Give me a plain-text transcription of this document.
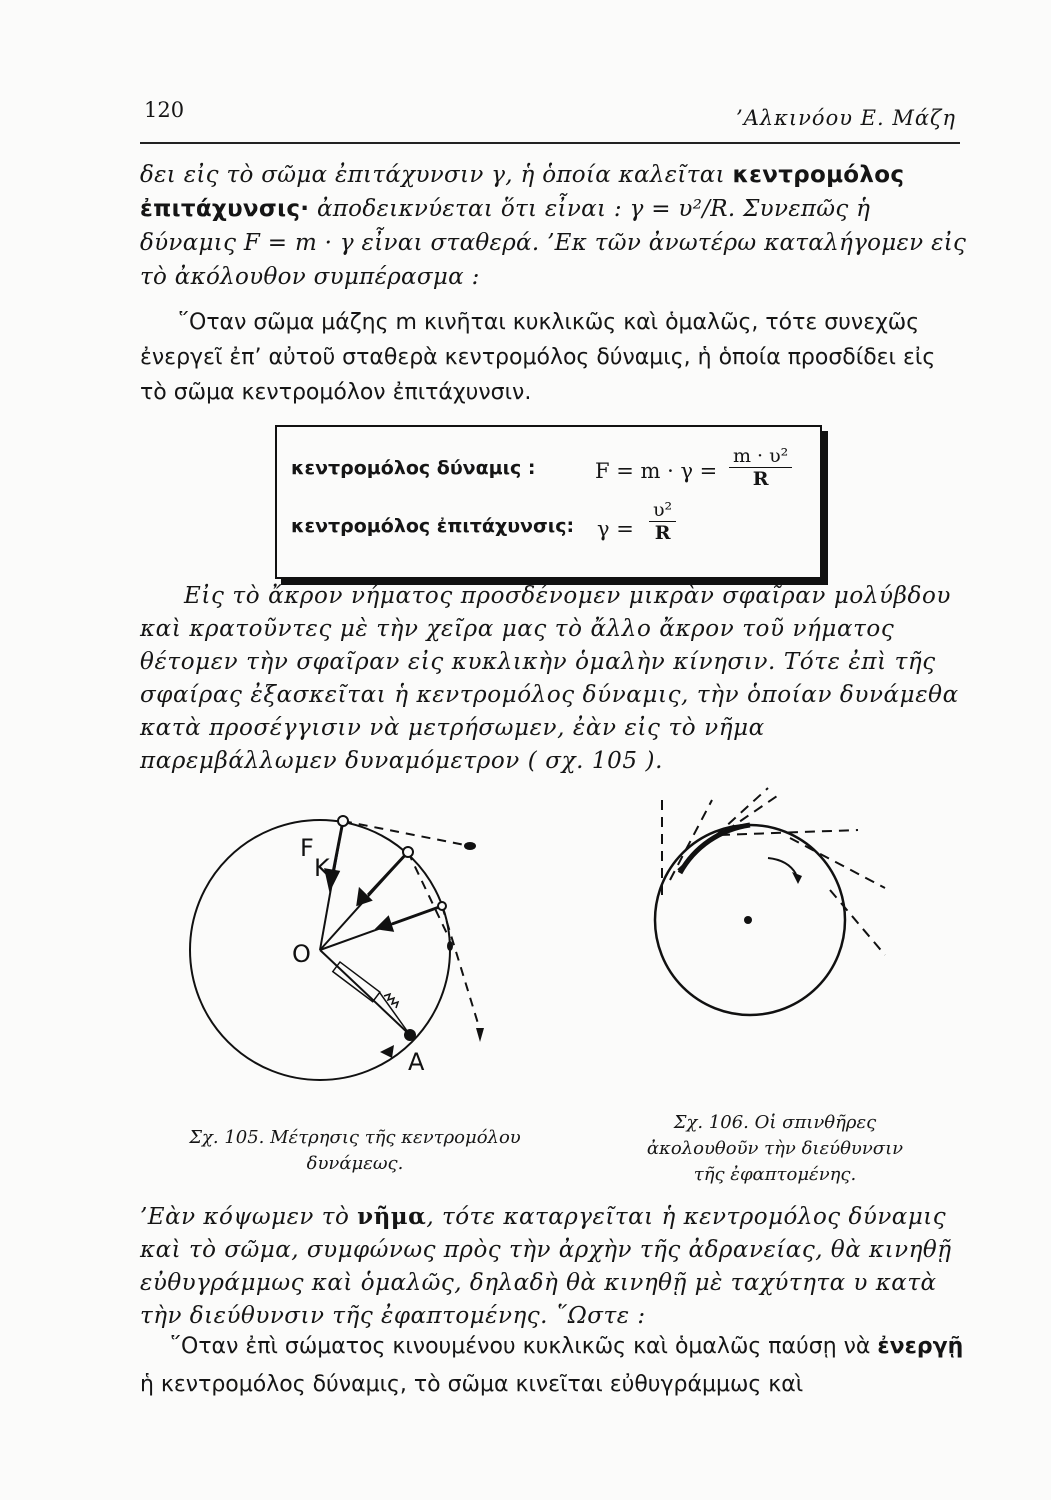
120	’Αλκινόου Ε. Μάζη

δει εἰς τὸ σῶμα ἐπιτάχυνσιν γ, ἡ ὁποία καλεῖται κεντρομόλος ἐπιτάχυνσις· ἀποδεικνύεται ὅτι εἶναι : γ = υ²/R. Συνεπῶς ἡ δύναμις F = m · γ εἶναι σταθερά. ’Εκ τῶν ἀνωτέρω καταλήγομεν εἰς τὸ ἀκόλουθον συμπέρασμα :

῞Οταν σῶμα μάζης m κινῆται κυκλικῶς καὶ ὁμαλῶς, τότε συνεχῶς ἐνεργεῖ ἐπ’ αὐτοῦ σταθερὰ κεντρομόλος δύναμις, ἡ ὁποία προσδίδει εἰς τὸ σῶμα κεντρομόλον ἐπιτάχυνσιν.

κεντρομόλος δύναμις :	$F = m \cdot \gamma = \frac{\text{m · υ²}}{R}$
κεντρομόλος ἐπιτάχυνσις: $\gamma = \frac{\text{υ²}}{R}$

Εἰς τὸ ἄκρον νήματος προσδένομεν μικρὰν σφαῖραν μολύβδου καὶ κρατοῦντες μὲ τὴν χεῖρα μας τὸ ἄλλο ἄκρον τοῦ νήματος θέτομεν τὴν σφαῖραν εἰς κυκλικὴν ὁμαλὴν κίνησιν. Τότε ἐπὶ τῆς σφαίρας ἐξασκεῖται ἡ κεντρομόλος δύναμις, τὴν ὁποίαν δυνάμεθα κατὰ προσέγγισιν νὰ μετρήσωμεν, ἐὰν εἰς τὸ νῆμα παρεμβάλλωμεν δυναμόμετρον ( σχ. 105 ).

F
K
O
A
Σχ. 105. Μέτρησις τῆς κεντρομόλου δυνάμεως.
Σχ. 106. Οἱ σπινθῆρες ἀκολουθοῦν τὴν διεύθυνσιν τῆς ἐφαπτομένης.

’Εὰν κόψωμεν τὸ νῆμα, τότε καταργεῖται ἡ κεντρομόλος δύναμις καὶ τὸ σῶμα, συμφώνως πρὸς τὴν ἀρχὴν τῆς ἀδρανείας, θὰ κινηθῇ εὐθυγράμμως καὶ ὁμαλῶς, δηλαδὴ θὰ κινηθῇ μὲ ταχύτητα υ κατὰ τὴν διεύθυνσιν τῆς ἐφαπτομένης. ῞Ωστε :

῞Οταν ἐπὶ σώματος κινουμένου κυκλικῶς καὶ ὁμαλῶς παύσῃ νὰ ἐνεργῇ ἡ κεντρομόλος δύναμις, τὸ σῶμα κινεῖται εὐθυγράμμως καὶ
